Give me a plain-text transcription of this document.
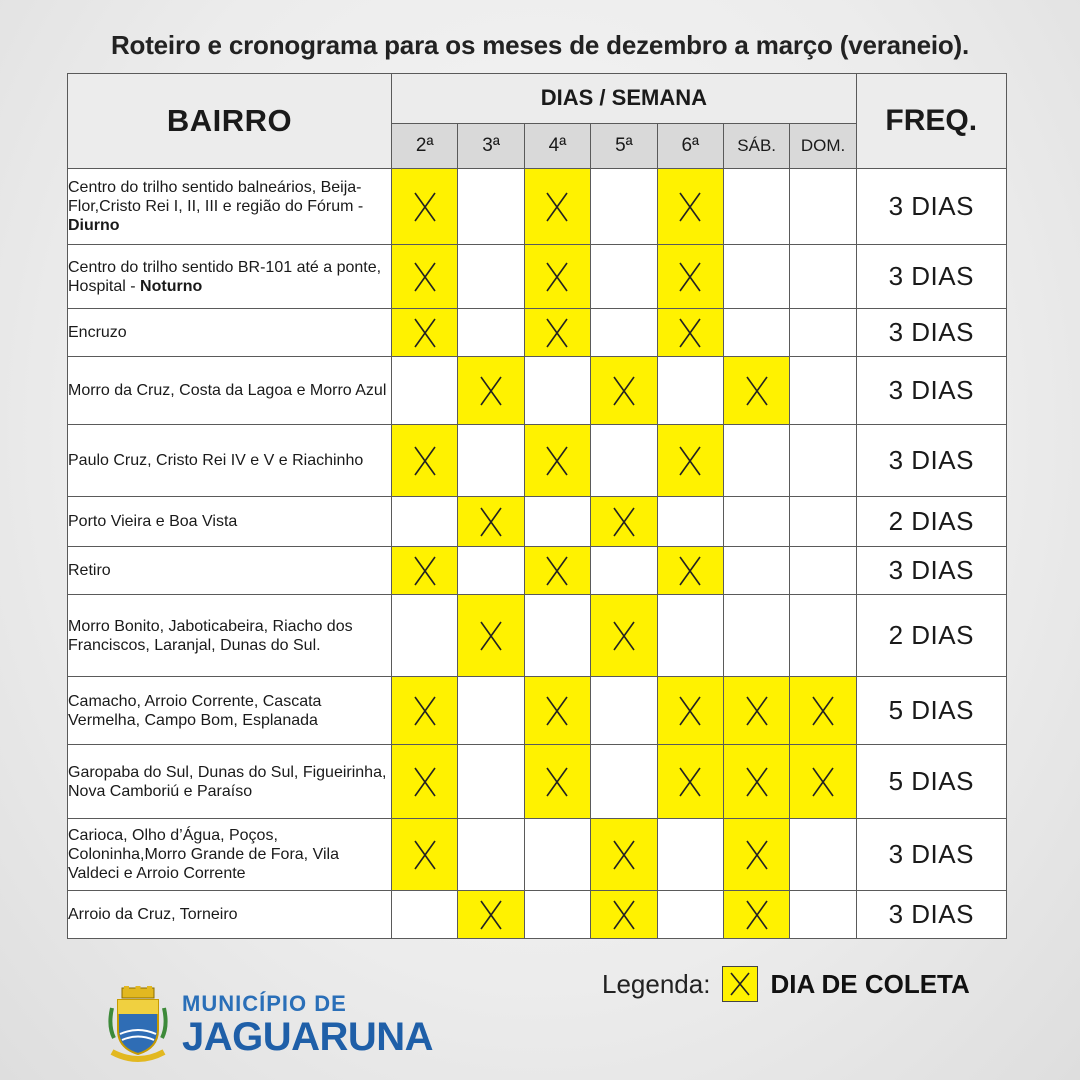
Roteiro e cronograma para os meses de dezembro a março (veraneio).
BAIRRO	DIAS / SEMANA							FREQ.
	2ª	3ª	4ª	5ª	6ª	SÁB.	DOM.	
Centro do trilho sentido balneários, Beija-Flor,Cristo Rei I, II, III e região do Fórum - Diurno								3 DIAS
Centro do trilho sentido BR-101 até a ponte, Hospital - Noturno								3 DIAS
Encruzo								3 DIAS
Morro da Cruz, Costa da Lagoa e Morro Azul								3 DIAS
Paulo Cruz, Cristo Rei IV e V e Riachinho								3 DIAS
Porto Vieira e Boa Vista								2 DIAS
Retiro								3 DIAS
Morro Bonito, Jaboticabeira, Riacho dos Franciscos, Laranjal, Dunas do Sul.								2 DIAS
Camacho, Arroio Corrente, Cascata Vermelha, Campo Bom, Esplanada								5 DIAS
Garopaba do Sul, Dunas do Sul, Figueirinha, Nova Camboriú e Paraíso								5 DIAS
Carioca, Olho d’Água, Poços, Coloninha,Morro Grande de Fora, Vila Valdeci e Arroio Corrente								3 DIAS
Arroio da Cruz, Torneiro								3 DIAS
Legenda: DIA DE COLETA
MUNICÍPIO DE
JAGUARUNA
